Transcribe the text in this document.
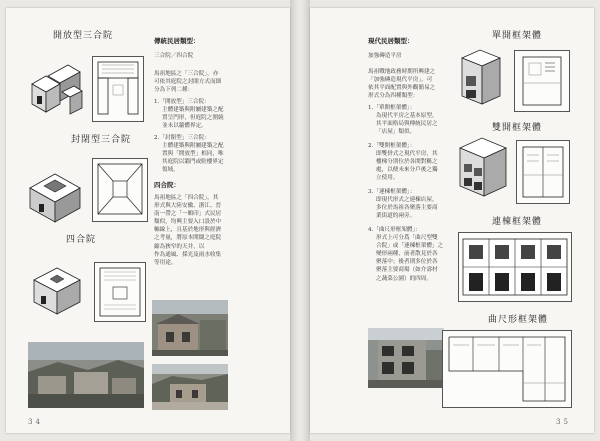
開放型三合院
封閉型三合院
四合院
傳統民居類型：
三合院／四合院
馬祖地區之「三合院」，亦
可依其庭院之封閉方式而細
分為下列二種：
1.「開放型」三合院：
主體建築與附屬建築之配
置呈門形，但庭院之圍繞
並未以牆體界定。
2.「封閉型」三合院：
主體建築與附屬建築之配
置與「開放型」相同，唯
其庭院以牆門或駐樓界定
領域。
四合院：
馬祖地區之「四合院」，其
形式與大陸安徽、浙江、晉
南一帶之「一顆印」式民居
類似，均興主要入口設於中
軸線上，且基於地形與經濟
之考量，將原本開闊之庭院
縮為狹窄的天井，以
作為通風、採光及雨水收集
等用途。
34
現代民居類型：
加強磚造平房
馬祖戰地政務時期所興建之
「加強磚造現代平房」，可
依其平面配置與外觀簡易之
形式分為四種類型：
1.「單開框架體」：
為現代平房之基本原型，
其平面格局與傳統民居之
「店屋」類似。
2.「雙開框架體」：
即雙併式之現代平房，其
樓梯分別位於各開對稱之
處，以便未來分戶後之獨
立使用。
3.「連棟框架體」：
即現代形式之連棟店屋，
多位於馬祖各聚落主要商
業街道的兩旁。
4.「曲尺形框架體」：
形式上可分爲「曲尺型雙
合院」或「連棟框架體」之
變形兩種，前者散見於各
聚落中；後者則多位於各
聚落主要商場（如介壽村
之蔬菜公園）的四周。
單開框架體
雙開框架體
連棟框架體
曲尺形框架體
35
